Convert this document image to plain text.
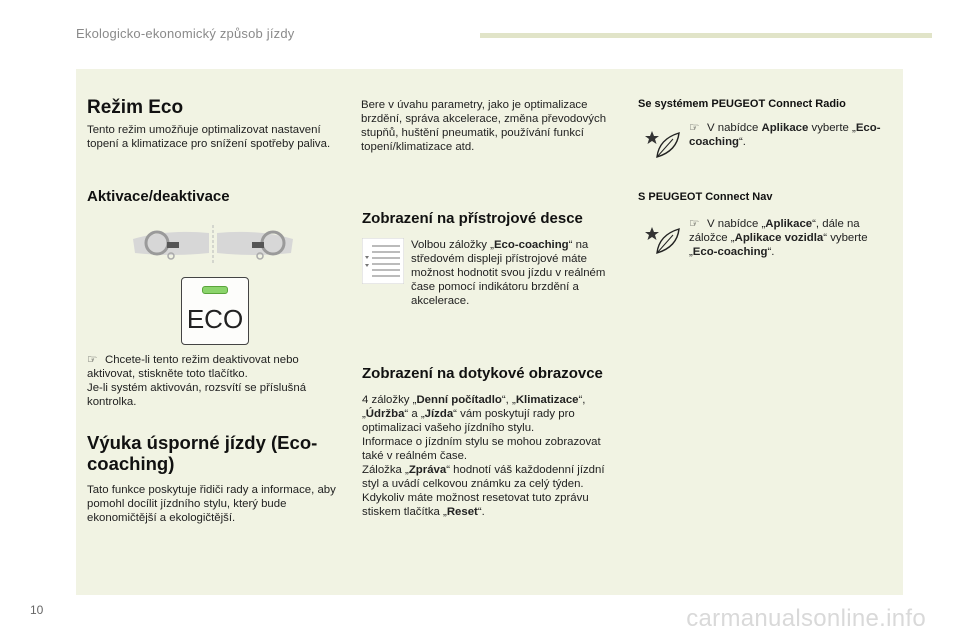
Ekologicko-ekonomický způsob jízdy
Režim Eco
Tento režim umožňuje optimalizovat nastavení topení a klimatizace pro snížení spotřeby paliva.
Aktivace/deaktivace
ECO
☞ Chcete-li tento režim deaktivovat nebo aktivovat, stiskněte toto tlačítko.
Je-li systém aktivován, rozsvítí se příslušná kontrolka.
Výuka úsporné jízdy (Eco-coaching)
Tato funkce poskytuje řidiči rady a informace, aby pomohl docílit jízdního stylu, který bude ekonomičtější a ekologičtější.
Bere v úvahu parametry, jako je optimalizace brzdění, správa akcelerace, změna převodových stupňů, huštění pneumatik, používání funkcí topení/klimatizace atd.
Zobrazení na přístrojové desce
Volbou záložky „Eco-coaching“ na středovém displeji přístrojové máte možnost hodnotit svou jízdu v reálném čase pomocí indikátoru brzdění a akcelerace.
Zobrazení na dotykové obrazovce
4 záložky „Denní počítadlo“, „Klimatizace“, „Údržba“ a „Jízda“ vám poskytují rady pro optimalizaci vašeho jízdního stylu.
Informace o jízdním stylu se mohou zobrazovat také v reálném čase.
Záložka „Zpráva“ hodnotí váš každodenní jízdní styl a uvádí celkovou známku za celý týden.
Kdykoliv máte možnost resetovat tuto zprávu stiskem tlačítka „Reset“.
Se systémem PEUGEOT Connect Radio
☞ V nabídce Aplikace vyberte „Eco-coaching“.
S PEUGEOT Connect Nav
☞ V nabídce „Aplikace“, dále na záložce „Aplikace vozidla“ vyberte „Eco-coaching“.
10	carmanualsonline.info
